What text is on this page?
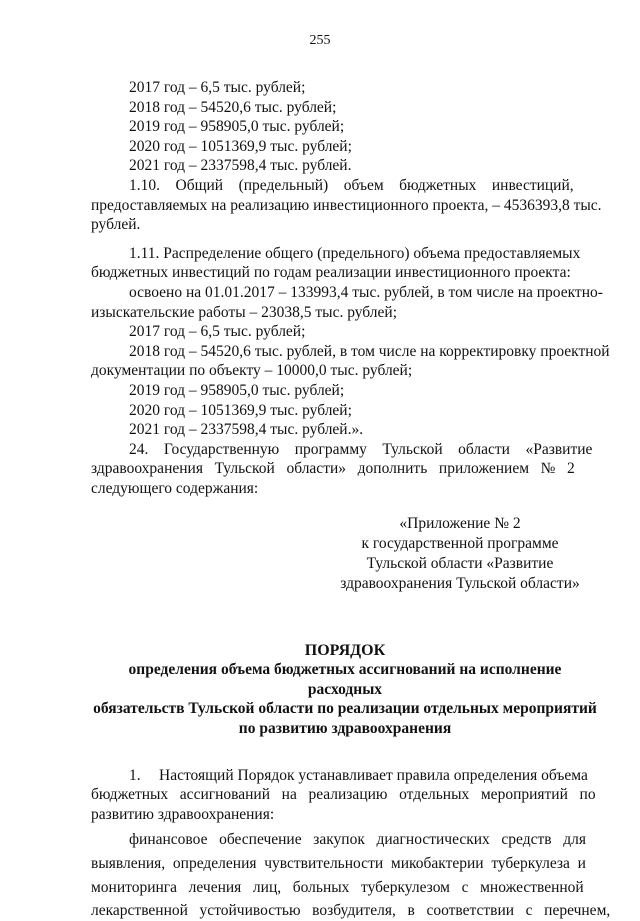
255
2017 год – 6,5 тыс. рублей;
2018 год – 54520,6 тыс. рублей;
2019 год – 958905,0 тыс. рублей;
2020 год – 1051369,9 тыс. рублей;
2021 год – 2337598,4 тыс. рублей.
1.10.    Общий    (предельный)    объем    бюджетных    инвестиций,
предоставляемых на реализацию инвестиционного проекта, – 4536393,8 тыс.
рублей.
1.11. Распределение общего (предельного) объема предоставляемых
бюджетных инвестиций по годам реализации инвестиционного проекта:
освоено на 01.01.2017 – 133993,4 тыс. рублей, в том числе на проектно-
изыскательские работы – 23038,5 тыс. рублей;
2017 год – 6,5 тыс. рублей;
2018 год – 54520,6 тыс. рублей, в том числе на корректировку проектной
документации по объекту – 10000,0 тыс. рублей;
2019 год – 958905,0 тыс. рублей;
2020 год – 1051369,9 тыс. рублей;
2021 год – 2337598,4 тыс. рублей.».
24.    Государственную    программу    Тульской    области    «Развитие
здравоохранения   Тульской   области»   дополнить   приложением   №   2
следующего содержания:
«Приложение № 2
к государственной программе
Тульской области «Развитие
здравоохранения Тульской области»
ПОРЯДОК
определения объема бюджетных ассигнований на исполнение расходных
обязательств Тульской области по реализации отдельных мероприятий
по развитию здравоохранения
1. Настоящий Порядок устанавливает правила определения объема
бюджетных   ассигнований   на   реализацию   отдельных   мероприятий   по
развитию здравоохранения:
финансовое   обеспечение   закупок   диагностических   средств   для
выявления,  определения  чувствительности  микобактерии  туберкулеза  и
мониторинга   лечения   лиц,   больных   туберкулезом   с   множественной
лекарственной   устойчивостью   возбудителя,   в   соответствии   с   перечнем,
